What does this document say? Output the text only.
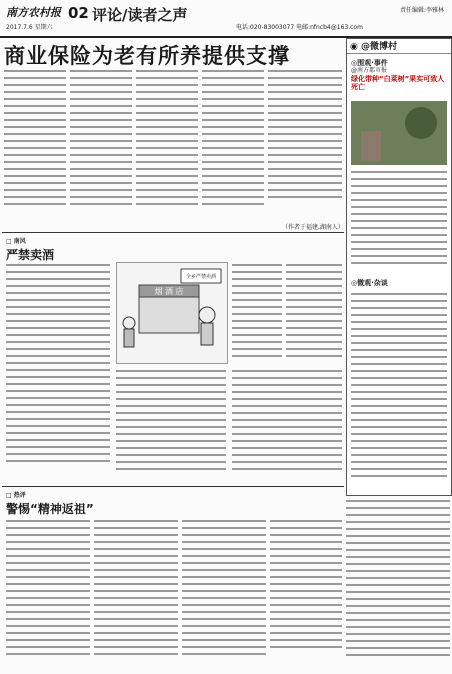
南方农村报 02 评论/读者之声
2017.7.6 星期六	电话:020-83003077 电邮:nfncb4@163.com
责任编辑:李雅林
商业保险为老有所养提供支撑
（作者于福建,湖南人）
□ 南风
严禁卖酒
烟 酒 店
全乡严禁卖酒
□ 热评
警惕“精神返祖”
◉ @微博村
◎围观·事件
@南方都市报
绿化带种“白菜树”果实可致人死亡
◎微观·杂谈
